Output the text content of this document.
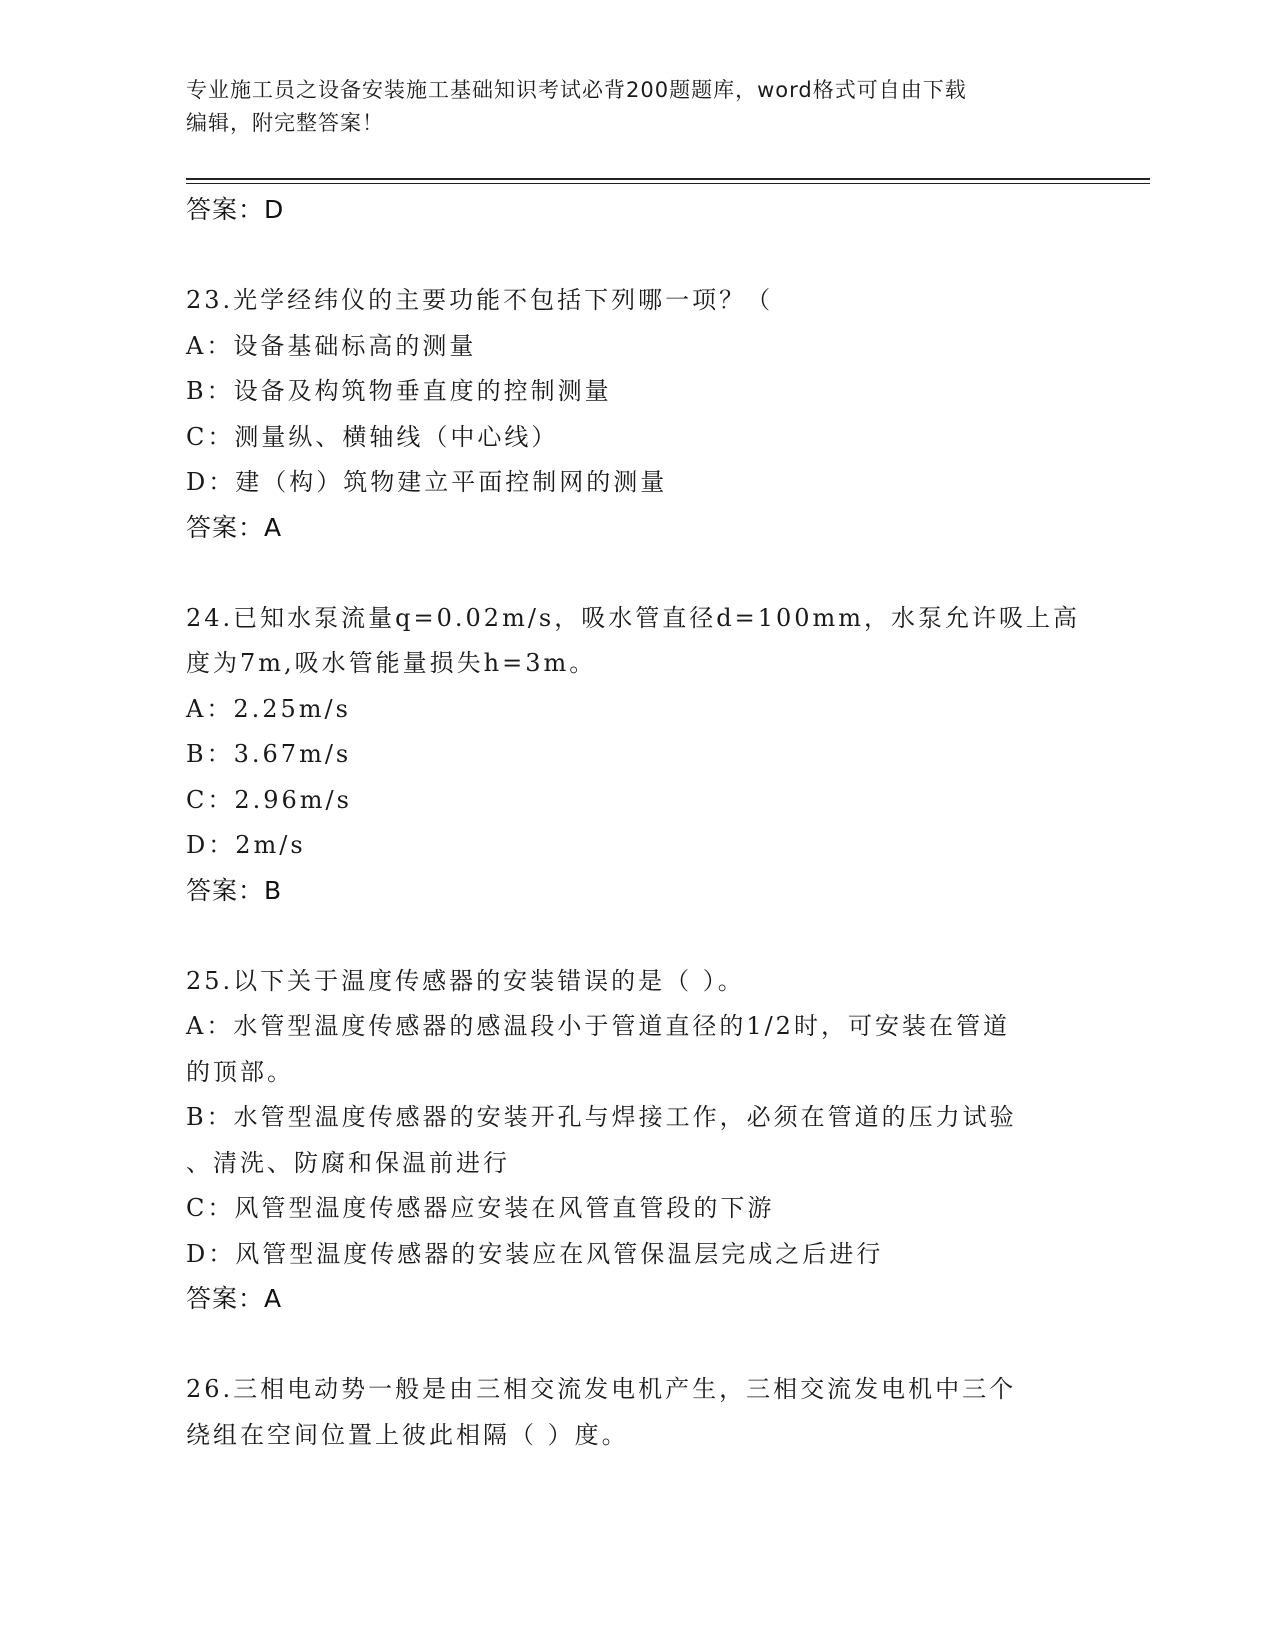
专业施工员之设备安装施工基础知识考试必背200题题库，word格式可自由下载
编辑，附完整答案！
答案：D
23.光学经纬仪的主要功能不包括下列哪一项？（
A：设备基础标高的测量
B：设备及构筑物垂直度的控制测量
C：测量纵、横轴线（中心线）
D：建（构）筑物建立平面控制网的测量
答案：A
24.已知水泵流量q=0.02m/s，吸水管直径d=100mm，水泵允许吸上高
度为7m,吸水管能量损失h=3m。
A：2.25m/s
B：3.67m/s
C：2.96m/s
D：2m/s
答案：B
25.以下关于温度传感器的安装错误的是（ ）。
A：水管型温度传感器的感温段小于管道直径的1/2时，可安装在管道
的顶部。
B：水管型温度传感器的安装开孔与焊接工作，必须在管道的压力试验
、清洗、防腐和保温前进行
C：风管型温度传感器应安装在风管直管段的下游
D：风管型温度传感器的安装应在风管保温层完成之后进行
答案：A
26.三相电动势一般是由三相交流发电机产生，三相交流发电机中三个
绕组在空间位置上彼此相隔（ ）度。
